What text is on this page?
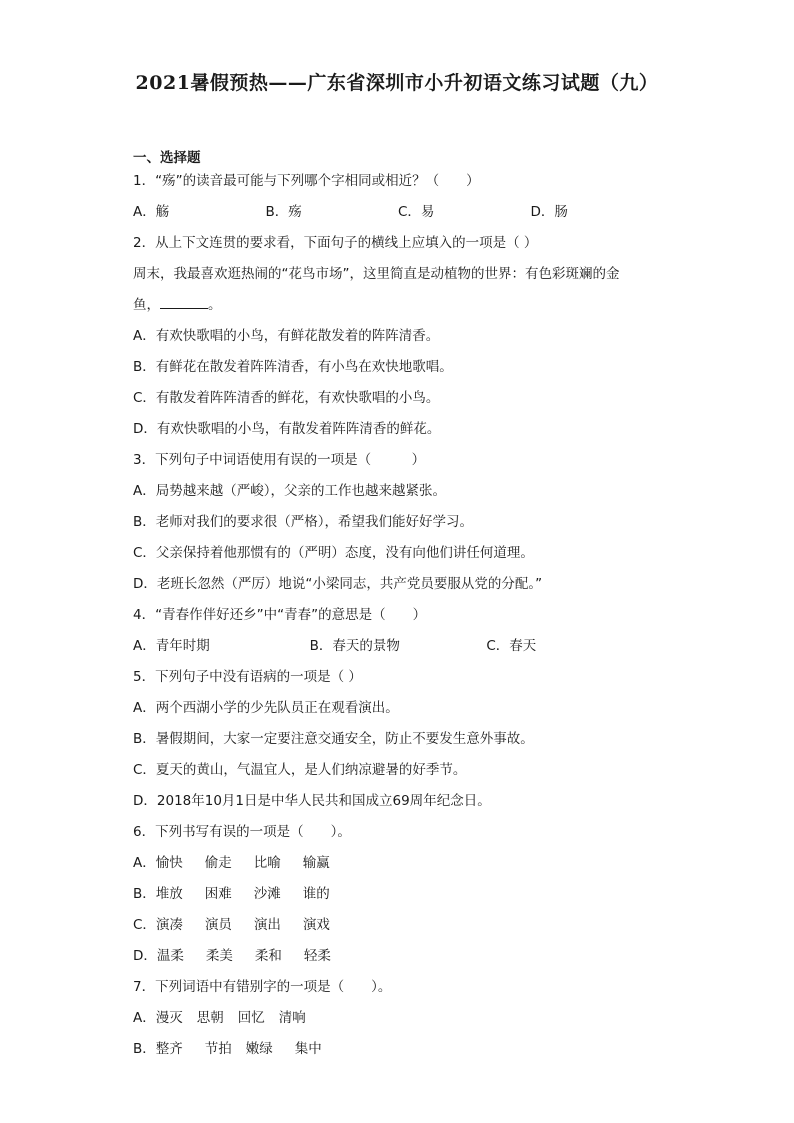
2021暑假预热——广东省深圳市小升初语文练习试题（九）
一、选择题
1．“殇”的读音最可能与下列哪个字相同或相近？（　　）
A．觞	B．殇	C．易	D．肠
2．从上下文连贯的要求看，下面句子的横线上应填入的一项是（ ）
周末，我最喜欢逛热闹的“花鸟市场”，这里简直是动植物的世界：有色彩斑斓的金
鱼，	。
A．有欢快歌唱的小鸟，有鲜花散发着的阵阵清香。
B．有鲜花在散发着阵阵清香，有小鸟在欢快地歌唱。
C．有散发着阵阵清香的鲜花，有欢快歌唱的小鸟。
D．有欢快歌唱的小鸟，有散发着阵阵清香的鲜花。
3．下列句子中词语使用有误的一项是（　　　）
A．局势越来越（严峻），父亲的工作也越来越紧张。
B．老师对我们的要求很（严格），希望我们能好好学习。
C．父亲保持着他那惯有的（严明）态度，没有向他们讲任何道理。
D．老班长忽然（严厉）地说“小梁同志，共产党员要服从党的分配。”
4．“青春作伴好还乡”中“青春”的意思是（　　）
A．青年时期	B．春天的景物	C．春天
5．下列句子中没有语病的一项是（ ）
A．两个西湖小学的少先队员正在观看演出。
B．暑假期间，大家一定要注意交通安全，防止不要发生意外事故。
C．夏天的黄山，气温宜人，是人们纳凉避暑的好季节。
D．2018年10月1日是中华人民共和国成立69周年纪念日。
6．下列书写有误的一项是（　　）。
A．愉快 偷走 比喻 输赢
B．堆放 困难 沙滩 谁的
C．演凑 演员 演出 演戏
D．温柔 柔美 柔和 轻柔
7．下列词语中有错别字的一项是（　　）。
A．漫灭 思朝 回忆 清响
B．整齐 节拍 嫩绿 集中
